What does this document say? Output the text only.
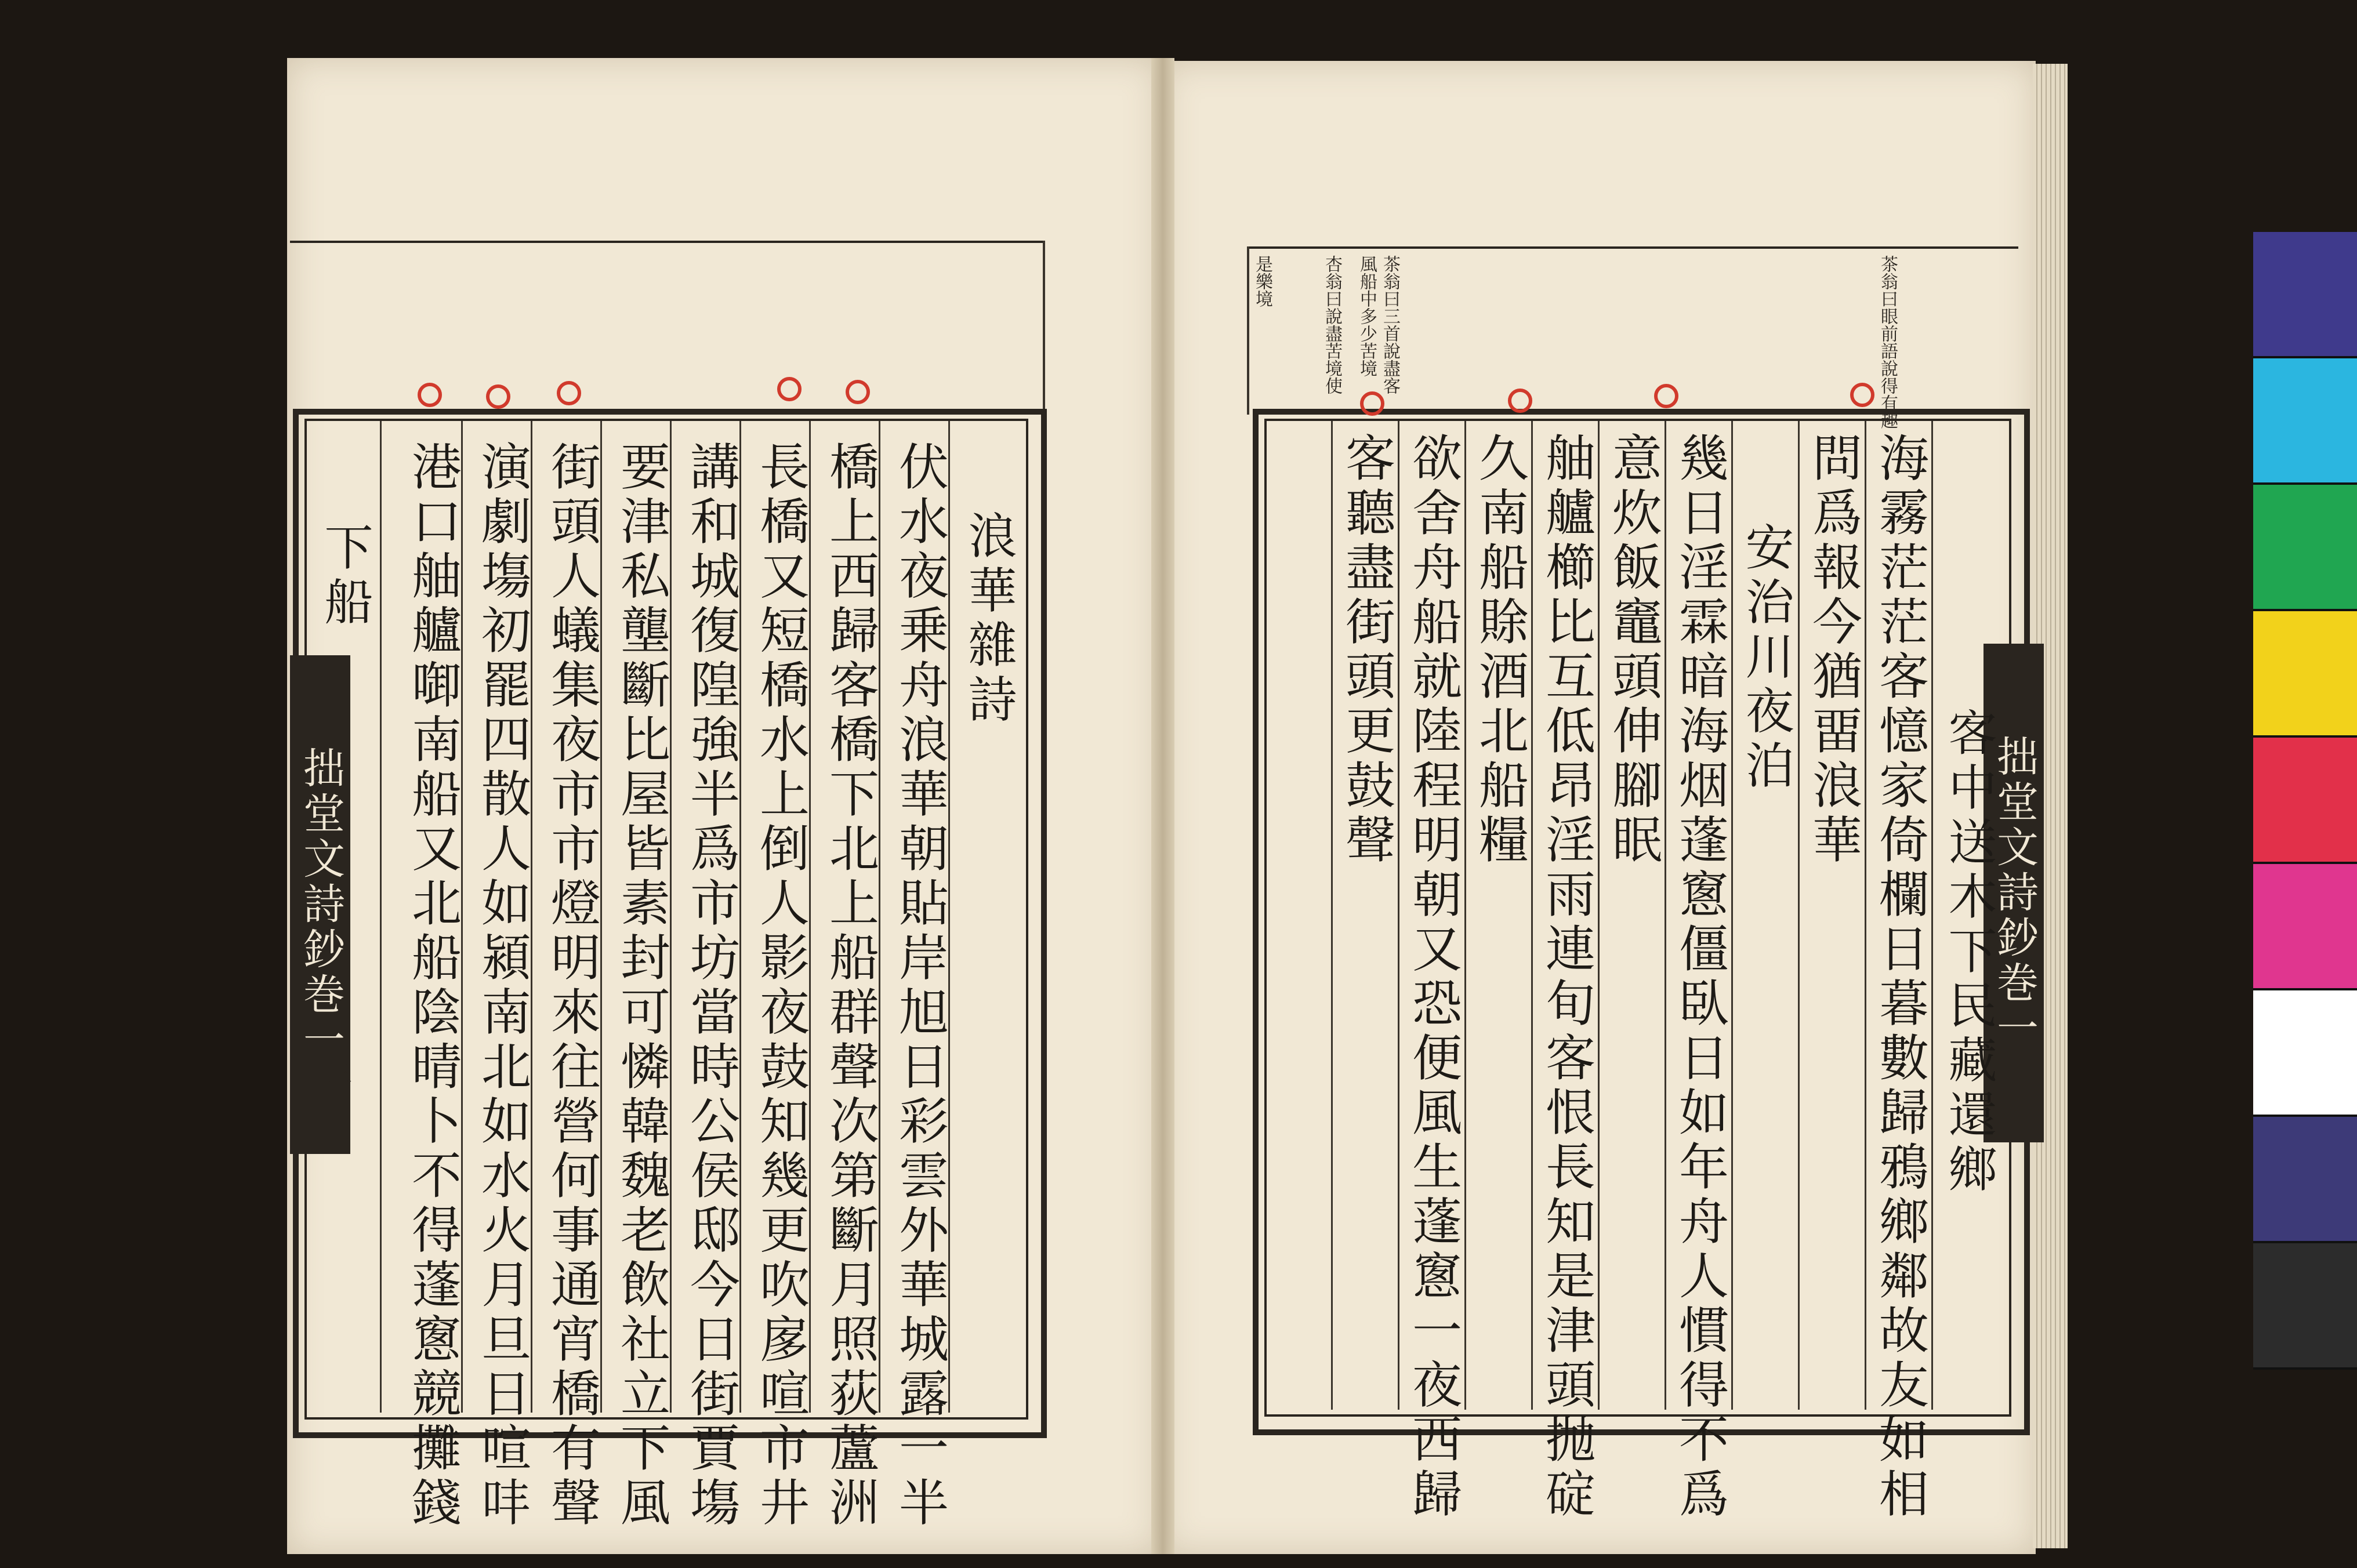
拙堂文詩鈔巻一
三
浪華雜詩
伏水夜乗舟浪華朝貼岸旭日彩雲外華城露一半
橋上西歸客橋下北上船群聲次第斷月照荻蘆洲
長橋又短橋水上倒人影夜鼓知幾更吹扅喧市井
講和城復隍強半爲市坊當時公侯邸今日街賈塲
要津私壟斷比屋皆素封可憐韓魏老飲社立下風
街頭人蟻集夜市市燈明來往營何事通宵橋有聲
演劇塲初罷四散人如潁南北如水火月旦日喧㕩
港口舳艫啣南船又北船陰晴卜不得蓬窻競攤錢
下船
茶翁曰眼前語說得有趣
茶翁曰三首說盡客
風船中多少苦境
杏翁曰說盡苦境使
是樂境
拙堂文詩鈔巻一
客中送木下民藏還鄉
海霧茫茫客憶家倚欄日暮數歸鴉鄉鄰故友如相
問爲報今猶畱浪華
安治川夜泊
幾日淫霖暗海烟蓬窻僵臥日如年舟人慣得不爲
意炊飯竈頭伸腳眠
舳艫櫛比互低昂淫雨連旬客恨長知是津頭抛碇
久南船賖酒北船糧
欲舍舟船就陸程明朝又恐便風生蓬窻一夜西歸
客聽盡街頭更鼓聲
